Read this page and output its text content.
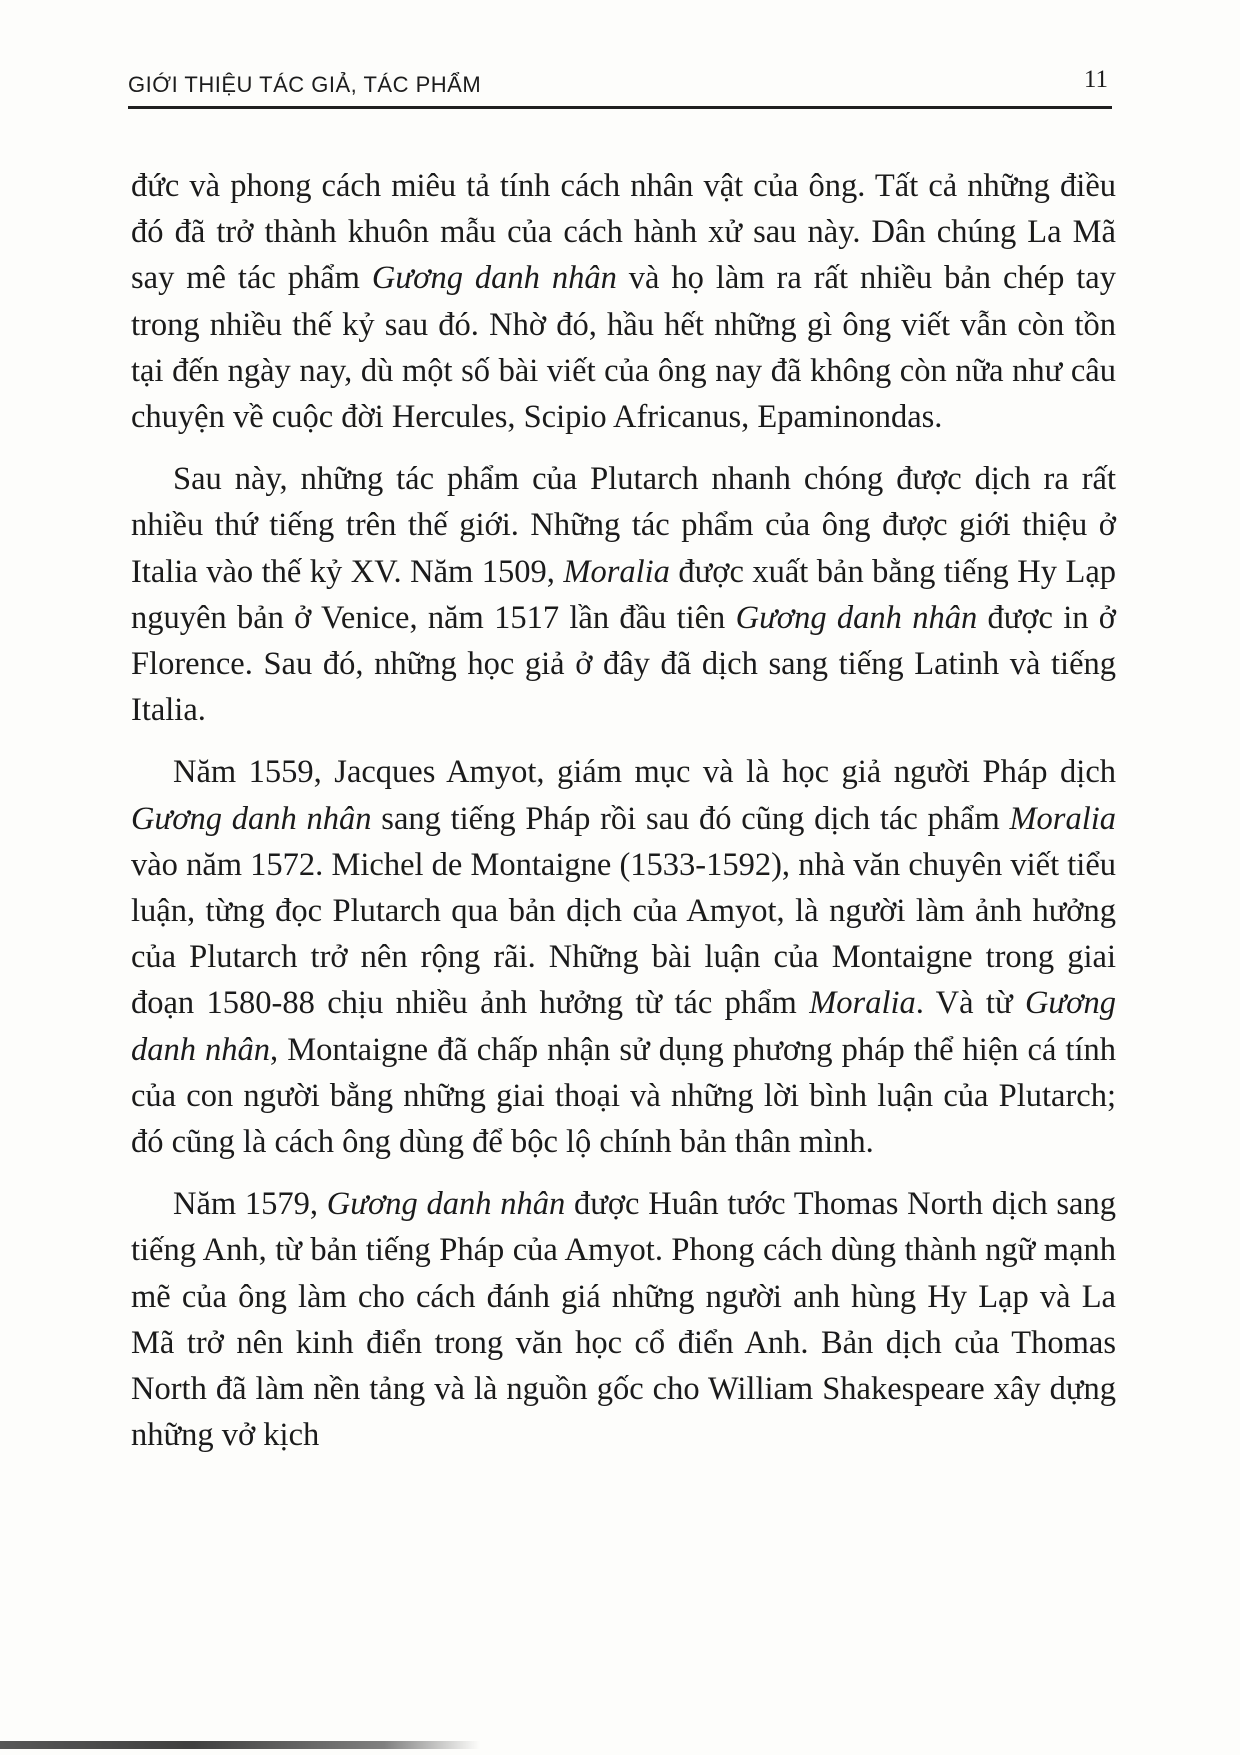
GIỚI THIỆU TÁC GIẢ, TÁC PHẨM	11

đức và phong cách miêu tả tính cách nhân vật của ông. Tất cả những điều đó đã trở thành khuôn mẫu của cách hành xử sau này. Dân chúng La Mã say mê tác phẩm Gương danh nhân và họ làm ra rất nhiều bản chép tay trong nhiều thế kỷ sau đó. Nhờ đó, hầu hết những gì ông viết vẫn còn tồn tại đến ngày nay, dù một số bài viết của ông nay đã không còn nữa như câu chuyện về cuộc đời Hercules, Scipio Africanus, Epaminondas.

Sau này, những tác phẩm của Plutarch nhanh chóng được dịch ra rất nhiều thứ tiếng trên thế giới. Những tác phẩm của ông được giới thiệu ở Italia vào thế kỷ XV. Năm 1509, Moralia được xuất bản bằng tiếng Hy Lạp nguyên bản ở Venice, năm 1517 lần đầu tiên Gương danh nhân được in ở Florence. Sau đó, những học giả ở đây đã dịch sang tiếng Latinh và tiếng Italia.

Năm 1559, Jacques Amyot, giám mục và là học giả người Pháp dịch Gương danh nhân sang tiếng Pháp rồi sau đó cũng dịch tác phẩm Moralia vào năm 1572. Michel de Montaigne (1533-1592), nhà văn chuyên viết tiểu luận, từng đọc Plutarch qua bản dịch của Amyot, là người làm ảnh hưởng của Plutarch trở nên rộng rãi. Những bài luận của Montaigne trong giai đoạn 1580-88 chịu nhiều ảnh hưởng từ tác phẩm Moralia. Và từ Gương danh nhân, Montaigne đã chấp nhận sử dụng phương pháp thể hiện cá tính của con người bằng những giai thoại và những lời bình luận của Plutarch; đó cũng là cách ông dùng để bộc lộ chính bản thân mình.

Năm 1579, Gương danh nhân được Huân tước Thomas North dịch sang tiếng Anh, từ bản tiếng Pháp của Amyot. Phong cách dùng thành ngữ mạnh mẽ của ông làm cho cách đánh giá những người anh hùng Hy Lạp và La Mã trở nên kinh điển trong văn học cổ điển Anh. Bản dịch của Thomas North đã làm nền tảng và là nguồn gốc cho William Shakespeare xây dựng những vở kịch
